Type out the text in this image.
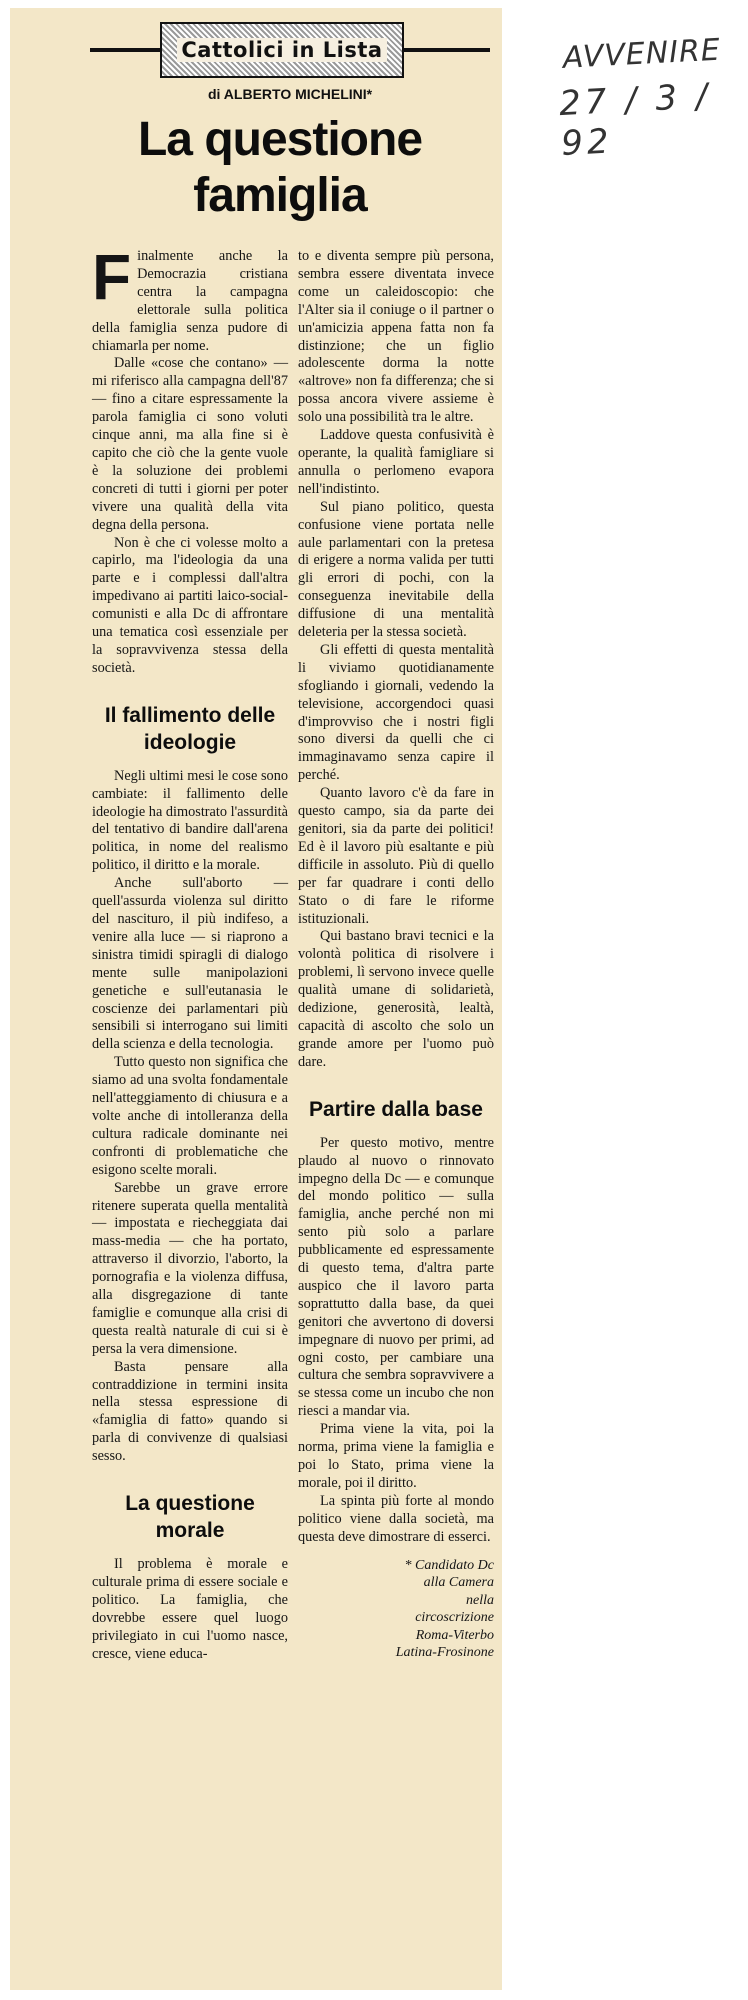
Cattolici in Lista
di ALBERTO MICHELINI*
La questione famiglia
AVVENIRE
27 / 3 / 92

Finalmente anche la Democrazia cristiana centra la campagna elettorale sulla politica della famiglia senza pudore di chiamarla per nome.

Dalle «cose che contano» — mi riferisco alla campagna dell'87 — fino a citare espressamente la parola famiglia ci sono voluti cinque anni, ma alla fine si è capito che ciò che la gente vuole è la soluzione dei problemi concreti di tutti i giorni per poter vivere una qualità della vita degna della persona.

Non è che ci volesse molto a capirlo, ma l'ideologia da una parte e i complessi dall'altra impedivano ai partiti laico-social-comunisti e alla Dc di affrontare una tematica così essenziale per la sopravvivenza stessa della società.

Il fallimento delle ideologie

Negli ultimi mesi le cose sono cambiate: il fallimento delle ideologie ha dimostrato l'assurdità del tentativo di bandire dall'arena politica, in nome del realismo politico, il diritto e la morale.

Anche sull'aborto — quell'assurda violenza sul diritto del nascituro, il più indifeso, a venire alla luce — si riaprono a sinistra timidi spiragli di dialogo mente sulle manipolazioni genetiche e sull'eutanasia le coscienze dei parlamentari più sensibili si interrogano sui limiti della scienza e della tecnologia.

Tutto questo non significa che siamo ad una svolta fondamentale nell'atteggiamento di chiusura e a volte anche di intolleranza della cultura radicale dominante nei confronti di problematiche che esigono scelte morali.

Sarebbe un grave errore ritenere superata quella mentalità — impostata e riecheggiata dai mass-media — che ha portato, attraverso il divorzio, l'aborto, la pornografia e la violenza diffusa, alla disgregazione di tante famiglie e comunque alla crisi di questa realtà naturale di cui si è persa la vera dimensione.

Basta pensare alla contraddizione in termini insita nella stessa espressione di «famiglia di fatto» quando si parla di convivenze di qualsiasi sesso.

La questione morale

Il problema è morale e culturale prima di essere sociale e politico. La famiglia, che dovrebbe essere quel luogo privilegiato in cui l'uomo nasce, cresce, viene educa-

to e diventa sempre più persona, sembra essere diventata invece come un caleidoscopio: che l'Alter sia il coniuge o il partner o un'amicizia appena fatta non fa distinzione; che un figlio adolescente dorma la notte «altrove» non fa differenza; che si possa ancora vivere assieme è solo una possibilità tra le altre.

Laddove questa confusività è operante, la qualità famigliare si annulla o perlomeno evapora nell'indistinto.

Sul piano politico, questa confusione viene portata nelle aule parlamentari con la pretesa di erigere a norma valida per tutti gli errori di pochi, con la conseguenza inevitabile della diffusione di una mentalità deleteria per la stessa società.

Gli effetti di questa mentalità li viviamo quotidianamente sfogliando i giornali, vedendo la televisione, accorgendoci quasi d'improvviso che i nostri figli sono diversi da quelli che ci immaginavamo senza capire il perché.

Quanto lavoro c'è da fare in questo campo, sia da parte dei genitori, sia da parte dei politici! Ed è il lavoro più esaltante e più difficile in assoluto. Più di quello per far quadrare i conti dello Stato o di fare le riforme istituzionali.

Qui bastano bravi tecnici e la volontà politica di risolvere i problemi, lì servono invece quelle qualità umane di solidarietà, dedizione, generosità, lealtà, capacità di ascolto che solo un grande amore per l'uomo può dare.

Partire dalla base

Per questo motivo, mentre plaudo al nuovo o rinnovato impegno della Dc — e comunque del mondo politico — sulla famiglia, anche perché non mi sento più solo a parlare pubblicamente ed espressamente di questo tema, d'altra parte auspico che il lavoro parta soprattutto dalla base, da quei genitori che avvertono di doversi impegnare di nuovo per primi, ad ogni costo, per cambiare una cultura che sembra sopravvivere a se stessa come un incubo che non riesci a mandar via.

Prima viene la vita, poi la norma, prima viene la famiglia e poi lo Stato, prima viene la morale, poi il diritto.

La spinta più forte al mondo politico viene dalla società, ma questa deve dimostrare di esserci.

* Candidato Dc
alla Camera
nella
circoscrizione
Roma-Viterbo
Latina-Frosinone
